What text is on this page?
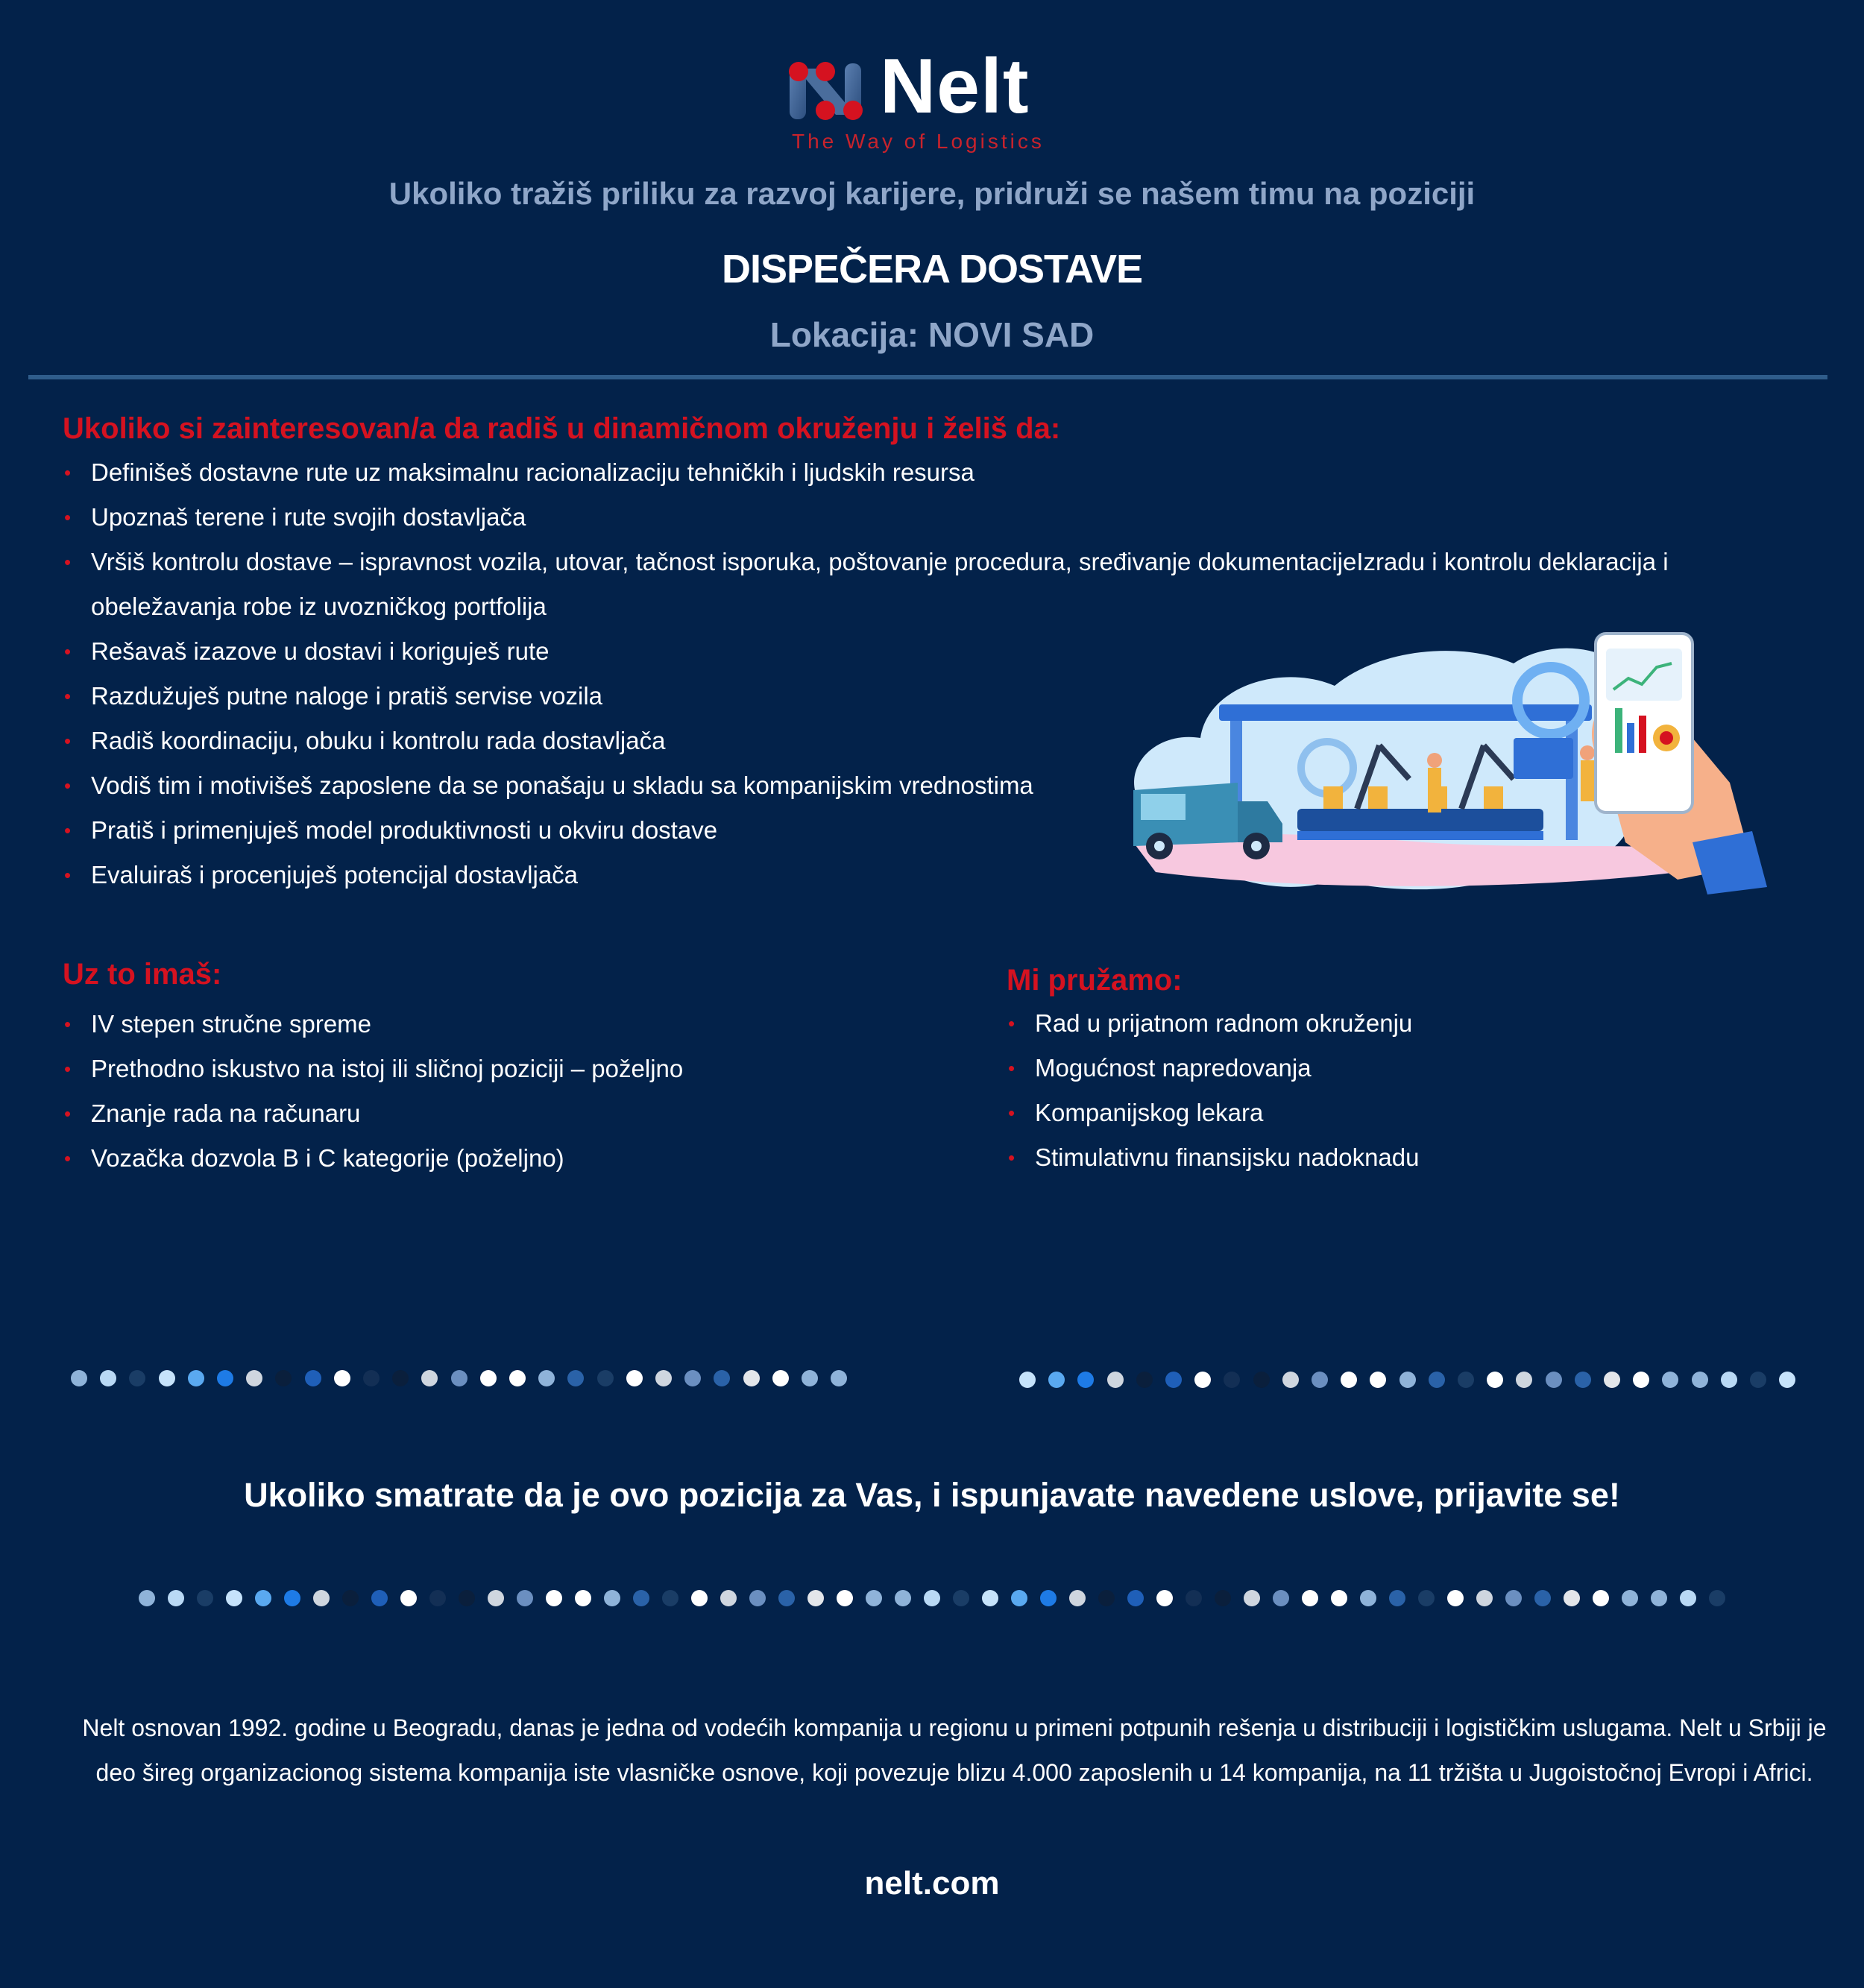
Nelt
The Way of Logistics
Ukoliko tražiš priliku za razvoj karijere, pridruži se našem timu na poziciji
DISPEČERA DOSTAVE
Lokacija: NOVI SAD
Ukoliko si zainteresovan/a da radiš u dinamičnom okruženju i želiš da:
• Definišeš dostavne rute uz maksimalnu racionalizaciju tehničkih i ljudskih resursa
• Upoznaš terene i rute svojih dostavljača
• Vršiš kontrolu dostave – ispravnost vozila, utovar, tačnost isporuka, poštovanje procedura, sređivanje dokumentacijeIzradu i kontrolu deklaracija i obeležavanja robe iz uvozničkog portfolija
• Rešavaš izazove u dostavi i koriguješ rute
• Razdužuješ putne naloge i pratiš servise vozila
• Radiš koordinaciju, obuku i kontrolu rada dostavljača
• Vodiš tim i motivišeš zaposlene da se ponašaju u skladu sa kompanijskim vrednostima
• Pratiš i primenjuješ model produktivnosti u okviru dostave
• Evaluiraš i procenjuješ potencijal dostavljača
Uz to imaš:
• IV stepen stručne spreme
• Prethodno iskustvo na istoj ili sličnoj poziciji – poželjno
• Znanje rada na računaru
• Vozačka dozvola B i C kategorije (poželjno)
Mi pružamo:
• Rad u prijatnom radnom okruženju
• Mogućnost napredovanja
• Kompanijskog lekara
• Stimulativnu finansijsku nadoknadu
Ukoliko smatrate da je ovo pozicija za Vas, i ispunjavate navedene uslove, prijavite se!
Nelt osnovan 1992. godine u Beogradu, danas je jedna od vodećih kompanija u regionu u primeni potpunih rešenja u distribuciji i logističkim uslugama. Nelt u Srbiji je deo šireg organizacionog sistema kompanija iste vlasničke osnove, koji povezuje blizu 4.000 zaposlenih u 14 kompanija, na 11 tržišta u Jugoistočnoj Evropi i Africi.
nelt.com
